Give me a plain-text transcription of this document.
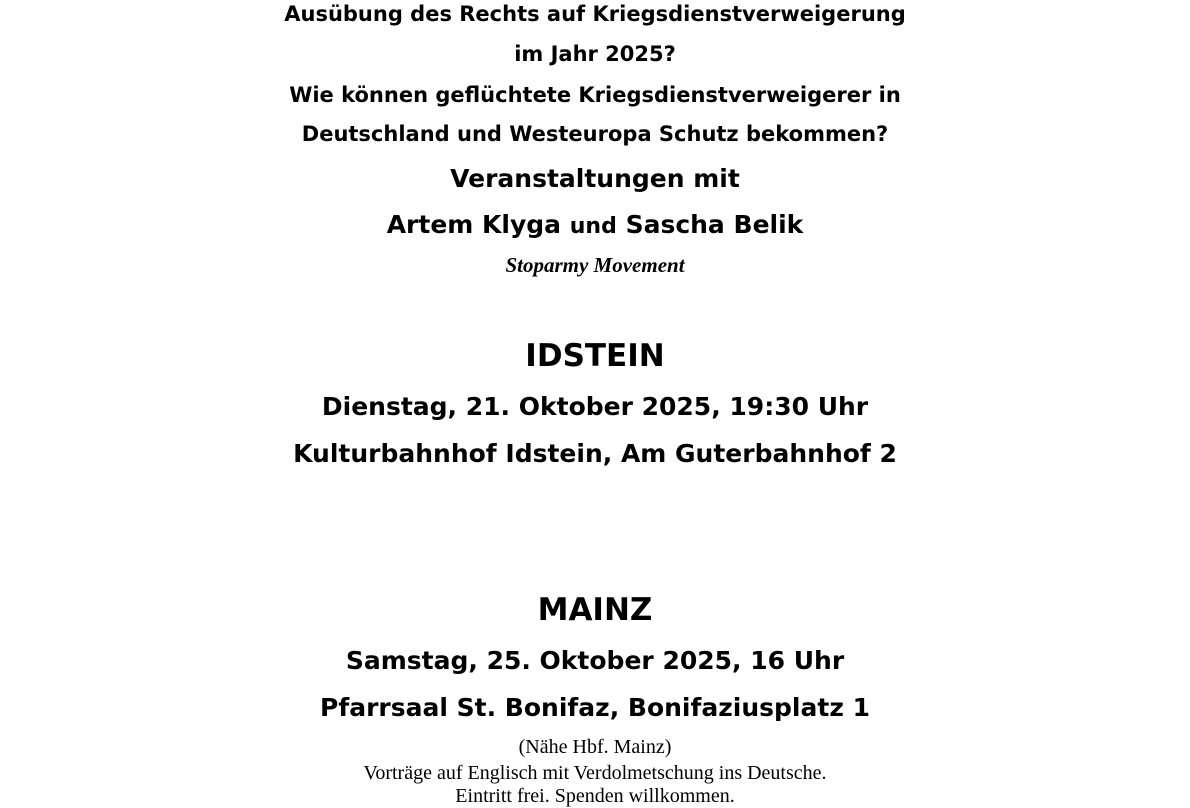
Ausübung des Rechts auf Kriegsdienstverweigerung
im Jahr 2025?
Wie können geflüchtete Kriegsdienstverweigerer in
Deutschland und Westeuropa Schutz bekommen?
Veranstaltungen mit
Artem Klyga und Sascha Belik
Stoparmy Movement
IDSTEIN
Dienstag, 21. Oktober 2025, 19:30 Uhr
Kulturbahnhof Idstein, Am Guterbahnhof 2
MAINZ
Samstag, 25. Oktober 2025, 16 Uhr
Pfarrsaal St. Bonifaz, Bonifaziusplatz 1
(Nähe Hbf. Mainz)
Vorträge auf Englisch mit Verdolmetschung ins Deutsche.
Eintritt frei. Spenden willkommen.
